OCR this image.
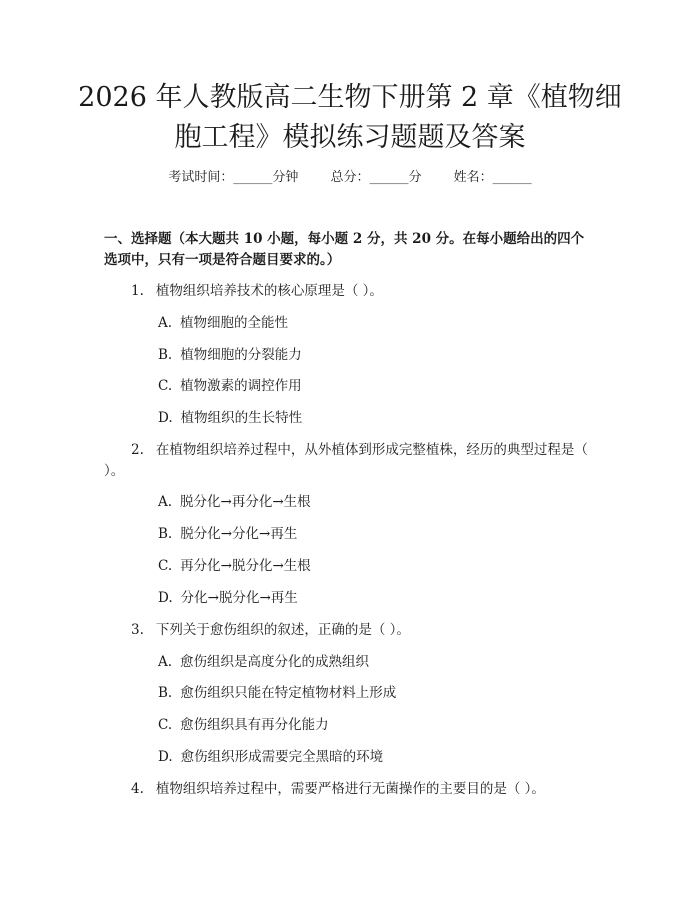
2026 年人教版高二生物下册第 2 章《植物细
胞工程》模拟练习题题及答案
考试时间：______分钟 总分：______分 姓名：______

一、选择题（本大题共 10 小题，每小题 2 分，共 20 分。在每小题给出的四个选项中，只有一项是符合题目要求的。）

1. 植物组织培养技术的核心原理是（ ）。
A. 植物细胞的全能性
B. 植物细胞的分裂能力
C. 植物激素的调控作用
D. 植物组织的生长特性
2. 在植物组织培养过程中，从外植体到形成完整植株，经历的典型过程是（ ）。
A. 脱分化→再分化→生根
B. 脱分化→分化→再生
C. 再分化→脱分化→生根
D. 分化→脱分化→再生
3. 下列关于愈伤组织的叙述，正确的是（ ）。
A. 愈伤组织是高度分化的成熟组织
B. 愈伤组织只能在特定植物材料上形成
C. 愈伤组织具有再分化能力
D. 愈伤组织形成需要完全黑暗的环境
4. 植物组织培养过程中，需要严格进行无菌操作的主要目的是（ ）。
